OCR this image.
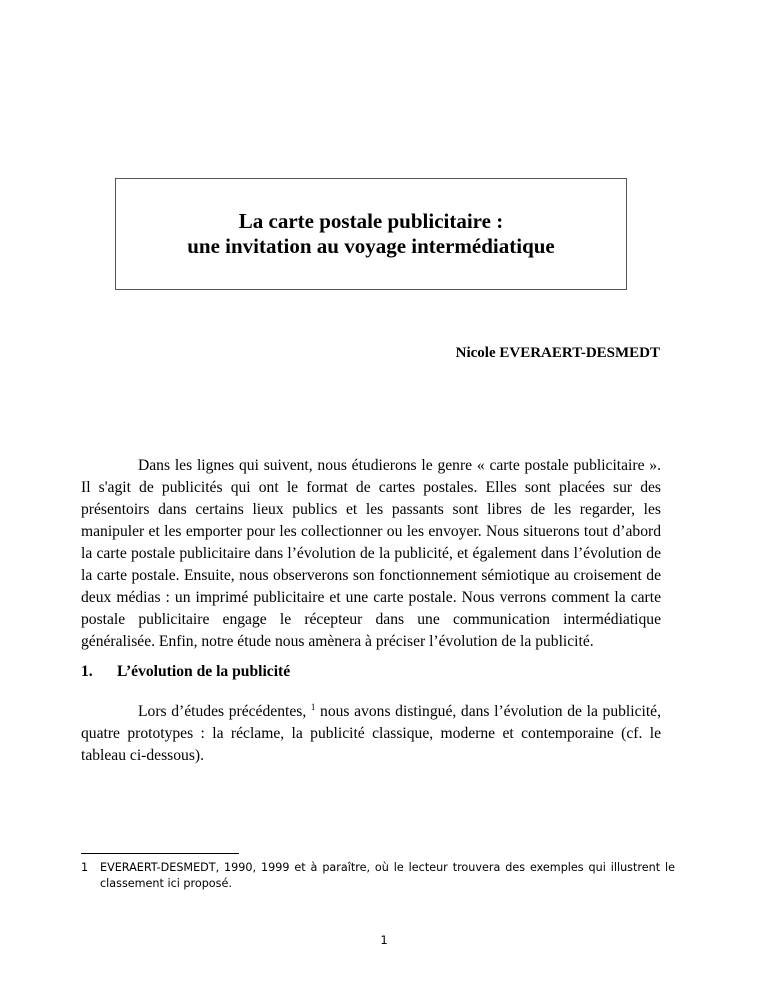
La carte postale publicitaire :
une invitation au voyage intermédiatique
Nicole EVERAERT-DESMEDT

Dans les lignes qui suivent, nous étudierons le genre « carte postale publicitaire ». Il s'agit de publicités qui ont le format de cartes postales. Elles sont placées sur des présentoirs dans certains lieux publics et les passants sont libres de les regarder, les manipuler et les emporter pour les collectionner ou les envoyer. Nous situerons tout d’abord la carte postale publicitaire dans l’évolution de la publicité, et également dans l’évolution de la carte postale. Ensuite, nous observerons son fonctionnement sémiotique au croisement de deux médias : un imprimé publicitaire et une carte postale. Nous verrons comment la carte postale publicitaire engage le récepteur dans une communication intermédiatique généralisée. Enfin, notre étude nous amènera à préciser l’évolution de la publicité.

1. L’évolution de la publicité

Lors d’études précédentes, $^1$ nous avons distingué, dans l’évolution de la publicité, quatre prototypes : la réclame, la publicité classique, moderne et contemporaine (cf. le tableau ci-dessous).

1	EVERAERT-DESMEDT, 1990, 1999 et à paraître, où le lecteur trouvera des exemples qui illustrent le classement ici proposé.
1
